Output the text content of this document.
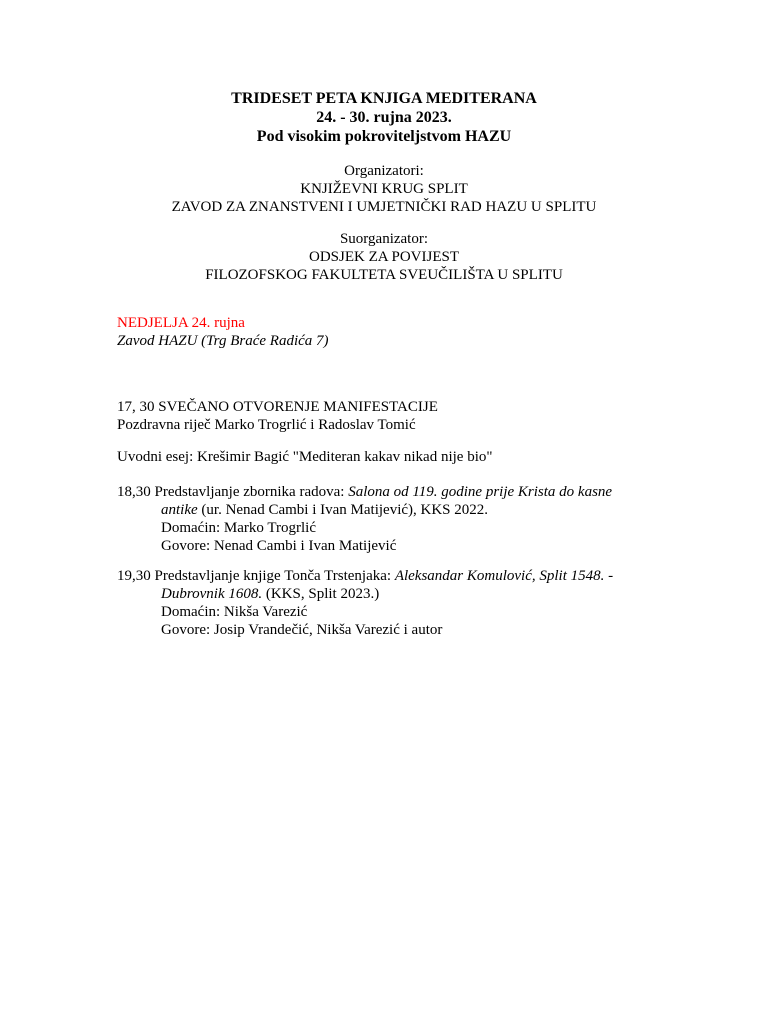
TRIDESET PETA KNJIGA MEDITERANA
24. - 30. rujna 2023.
Pod visokim pokroviteljstvom HAZU
Organizatori:
KNJIŽEVNI KRUG SPLIT
ZAVOD ZA ZNANSTVENI I UMJETNIČKI RAD HAZU U SPLITU
Suorganizator:
ODSJEK ZA POVIJEST
FILOZOFSKOG FAKULTETA SVEUČILIŠTA U SPLITU
NEDJELJA 24. rujna
Zavod HAZU (Trg Braće Radića 7)
17, 30 SVEČANO OTVORENJE MANIFESTACIJE
Pozdravna riječ Marko Trogrlić i Radoslav Tomić
Uvodni esej: Krešimir Bagić "Mediteran kakav nikad nije bio"
18,30 Predstavljanje zbornika radova: Salona od 119. godine prije Krista do kasne
antike (ur. Nenad Cambi i Ivan Matijević), KKS 2022.
Domaćin: Marko Trogrlić
Govore: Nenad Cambi i Ivan Matijević
19,30 Predstavljanje knjige Tonča Trstenjaka: Aleksandar Komulović, Split 1548. -
Dubrovnik 1608. (KKS, Split 2023.)
Domaćin: Nikša Varezić
Govore: Josip Vrandečić, Nikša Varezić i autor
